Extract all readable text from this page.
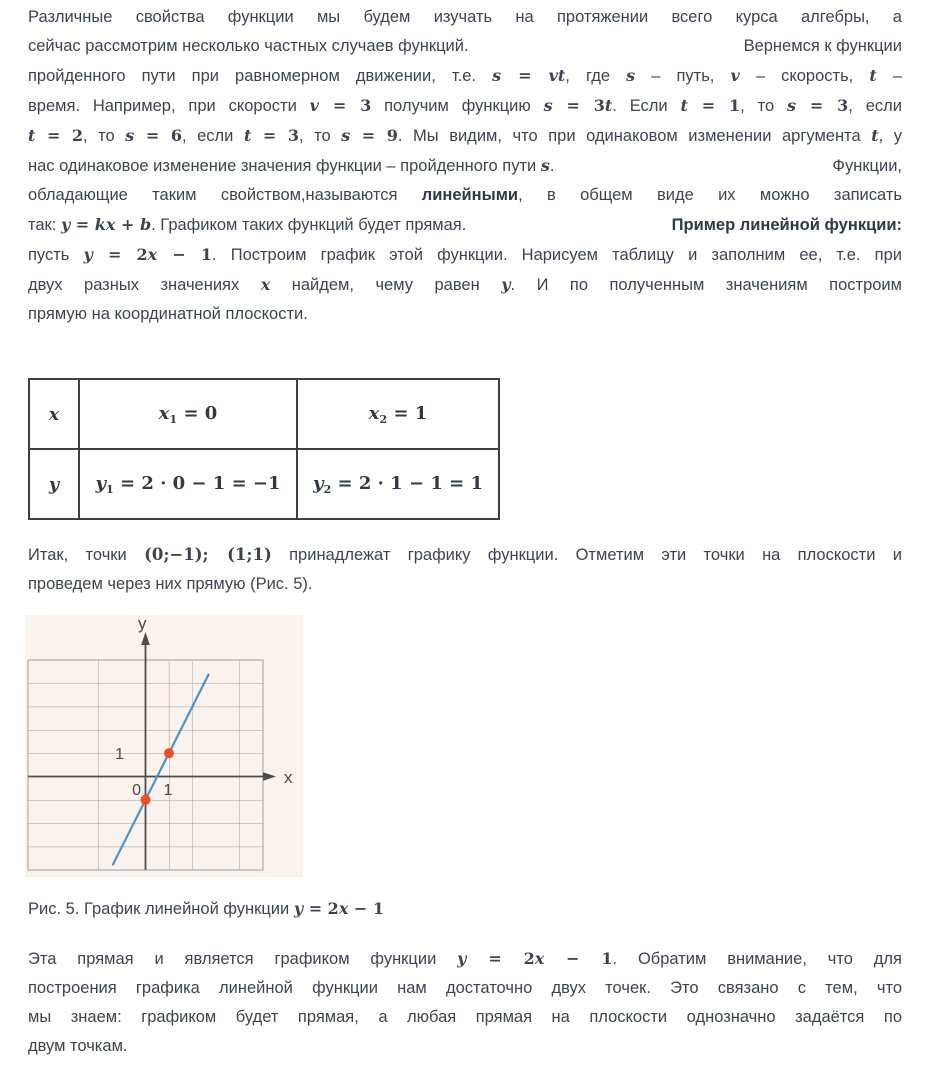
Различные свойства функции мы будем изучать на протяжении всего курса алгебры, а
сейчас рассмотрим несколько частных случаев функций.	Вернемся к функции
пройденного пути при равномерном движении, т.е. s = vt, где s – путь, v – скорость, t –
время. Например, при скорости v = 3 получим функцию s = 3t. Если t = 1, то s = 3, если
t = 2, то s = 6, если t = 3, то s = 9. Мы видим, что при одинаковом изменении аргумента t, у
нас одинаковое изменение значения функции – пройденного пути s .	Функции,
обладающие таким свойством,называются линейными, в общем виде их можно записать
так: y = kx + b . Графиком таких функций будет прямая.	Пример линейной функции:
пусть y = 2x − 1. Построим график этой функции. Нарисуем таблицу и заполним ее, т.е. при
двух разных значениях x найдем, чему равен y. И по полученным значениям построим
прямую на координатной плоскости.
x	$x_1 = 0$	$x_2 = 1$
y	$y_1 = 2 \cdot 0 - 1 = -1$	$y_2 = 2 \cdot 1 - 1 = 1$
Итак, точки (0;−1); (1;1) принадлежат графику функции. Отметим эти точки на плоскости и
проведем через них прямую (Рис. 5).
y
x
0 1
1
Рис. 5. График линейной функции y = 2x − 1
Эта прямая и является графиком функции y = 2x − 1. Обратим внимание, что для
построения графика линейной функции нам достаточно двух точек. Это связано с тем, что
мы знаем: графиком будет прямая, а любая прямая на плоскости однозначно задаётся по
двум точкам.
